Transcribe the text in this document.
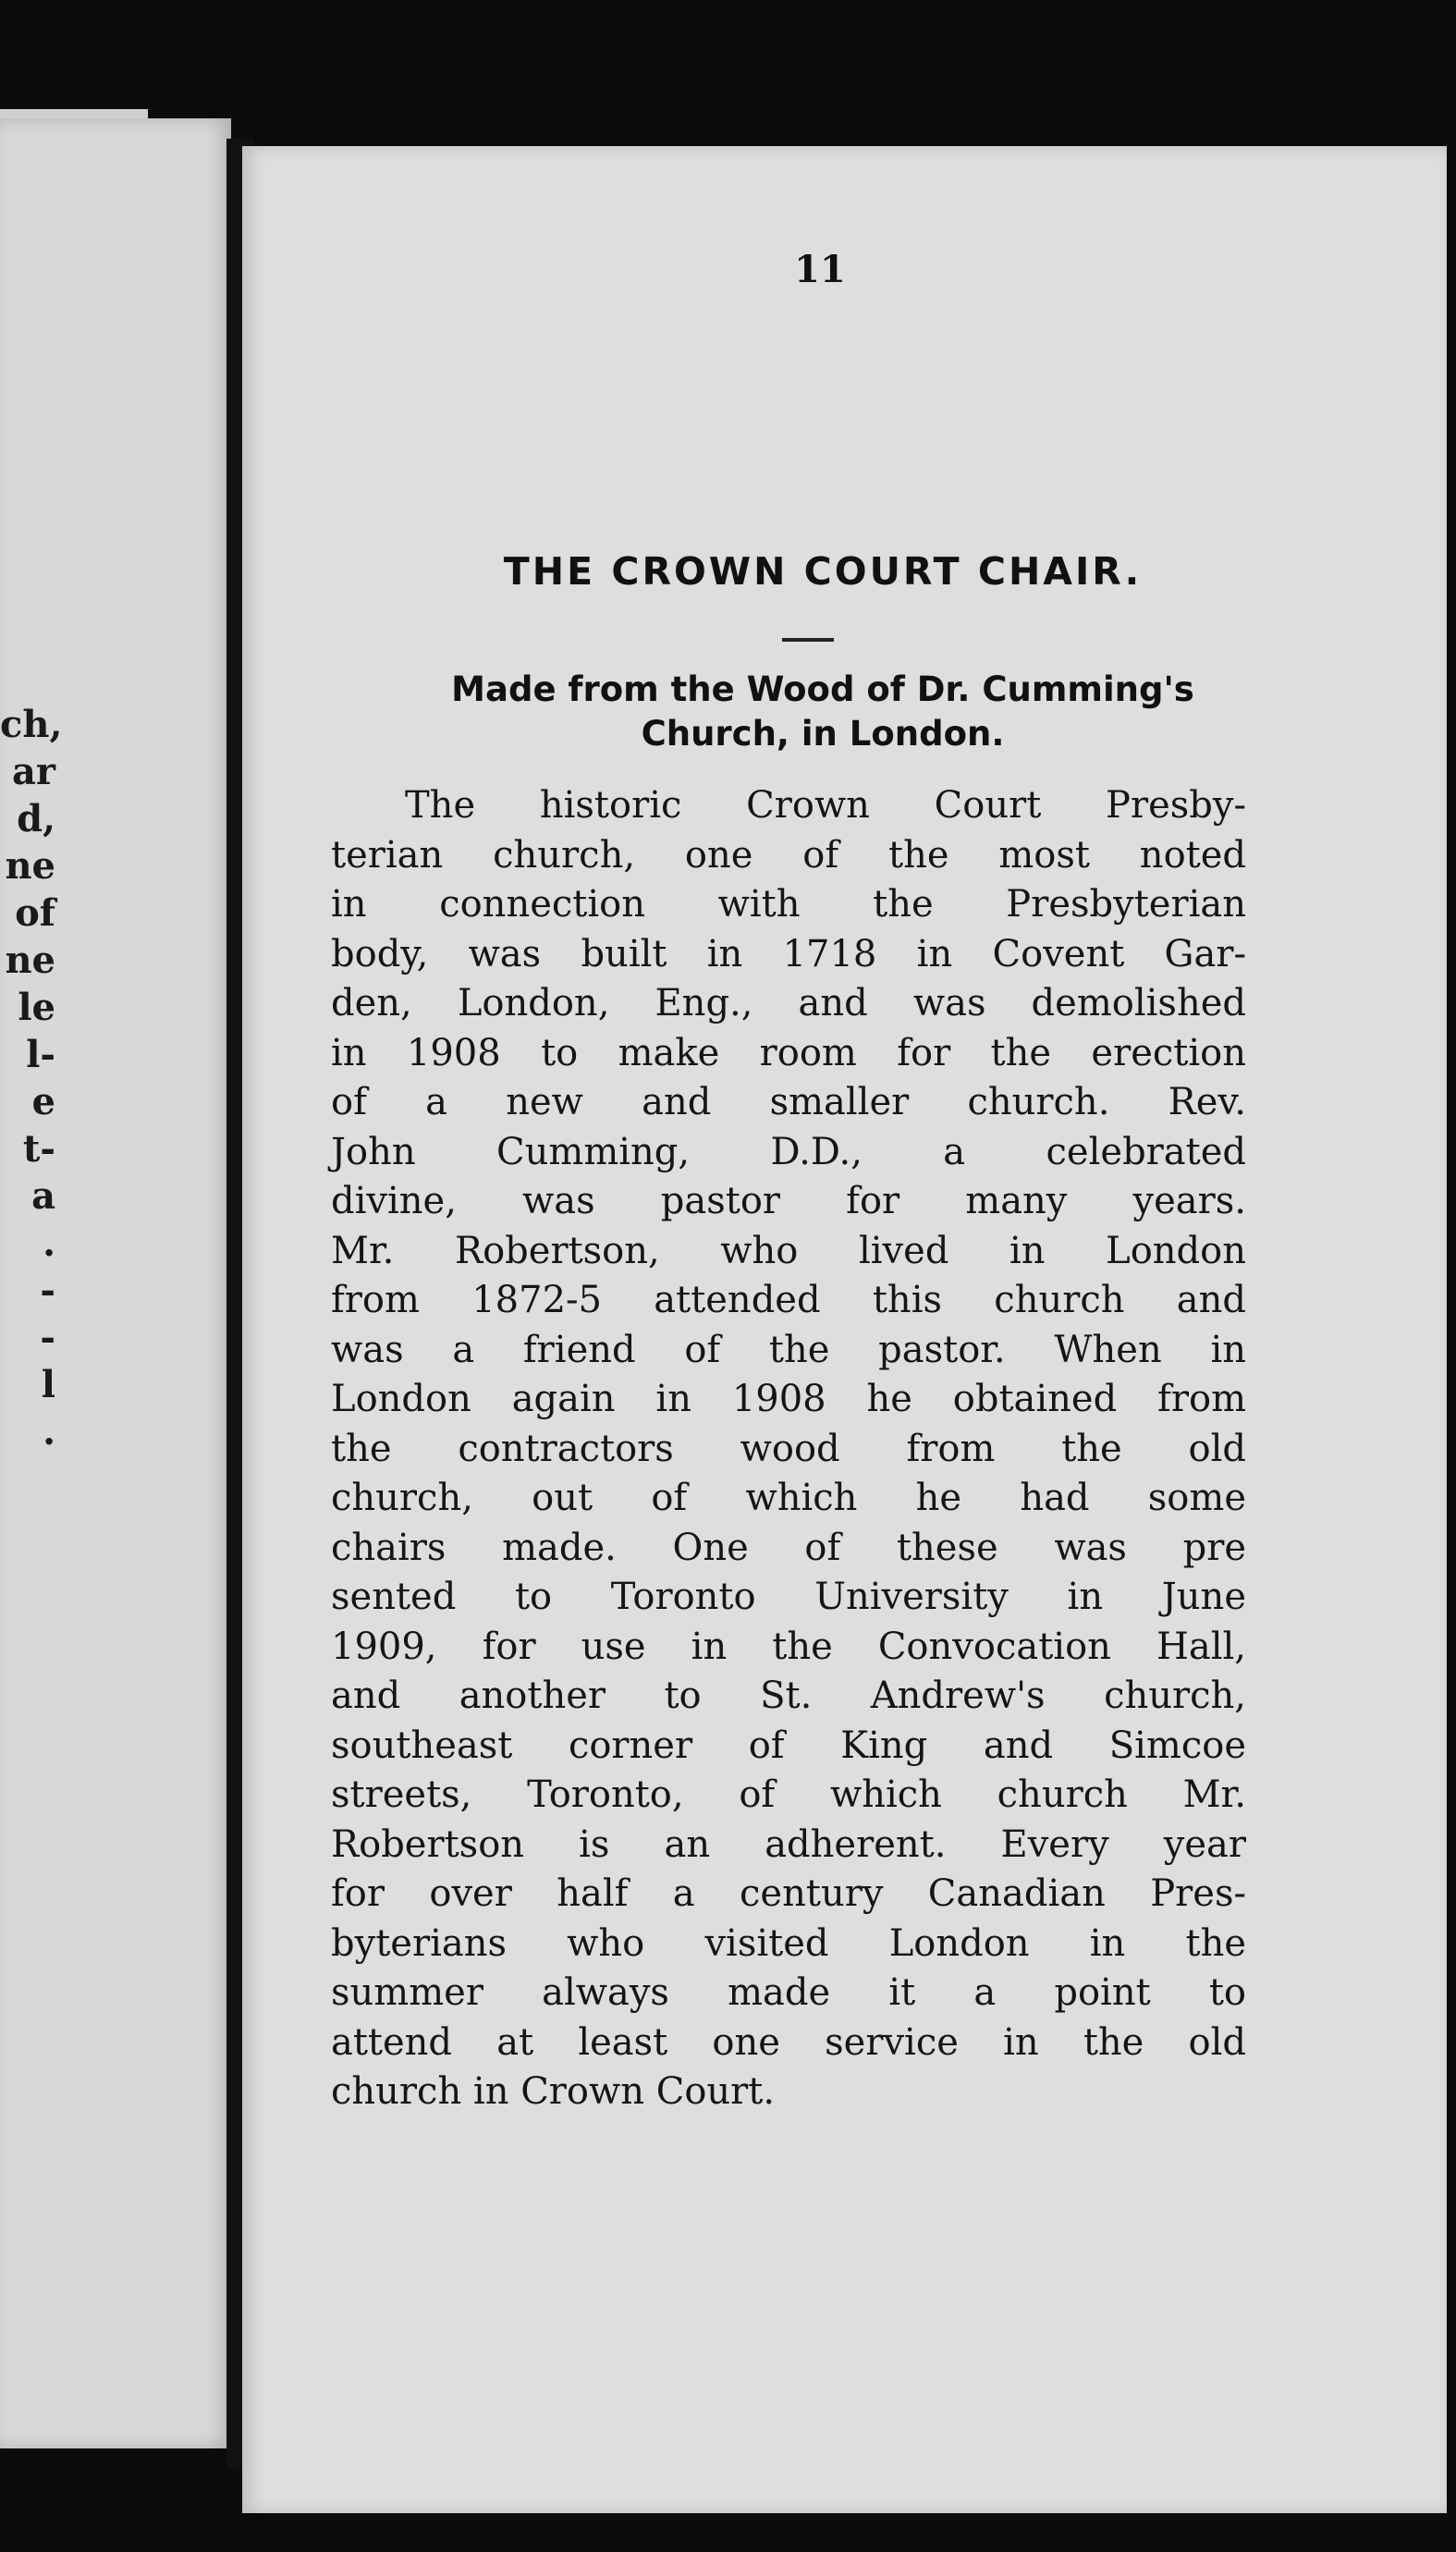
ch,
ar
d,
ne
of
ne
le
l-
e
t-
a
.
-
-
l
.
11
THE CROWN COURT CHAIR.
Made from the Wood of Dr. Cumming's
Church, in London.
The historic Crown Court Presby-
terian church, one of the most noted
in connection with the Presbyterian
body, was built in 1718 in Covent Gar-
den, London, Eng., and was demolished
in 1908 to make room for the erection
of a new and smaller church. Rev.
John Cumming, D.D., a celebrated
divine, was pastor for many years.
Mr. Robertson, who lived in London
from 1872-5 attended this church and
was a friend of the pastor. When in
London again in 1908 he obtained from
the contractors wood from the old
church, out of which he had some
chairs made. One of these was pre
sented to Toronto University in June
1909, for use in the Convocation Hall,
and another to St. Andrew's church,
southeast corner of King and Simcoe
streets, Toronto, of which church Mr.
Robertson is an adherent. Every year
for over half a century Canadian Pres-
byterians who visited London in the
summer always made it a point to
attend at least one service in the old
church in Crown Court.
